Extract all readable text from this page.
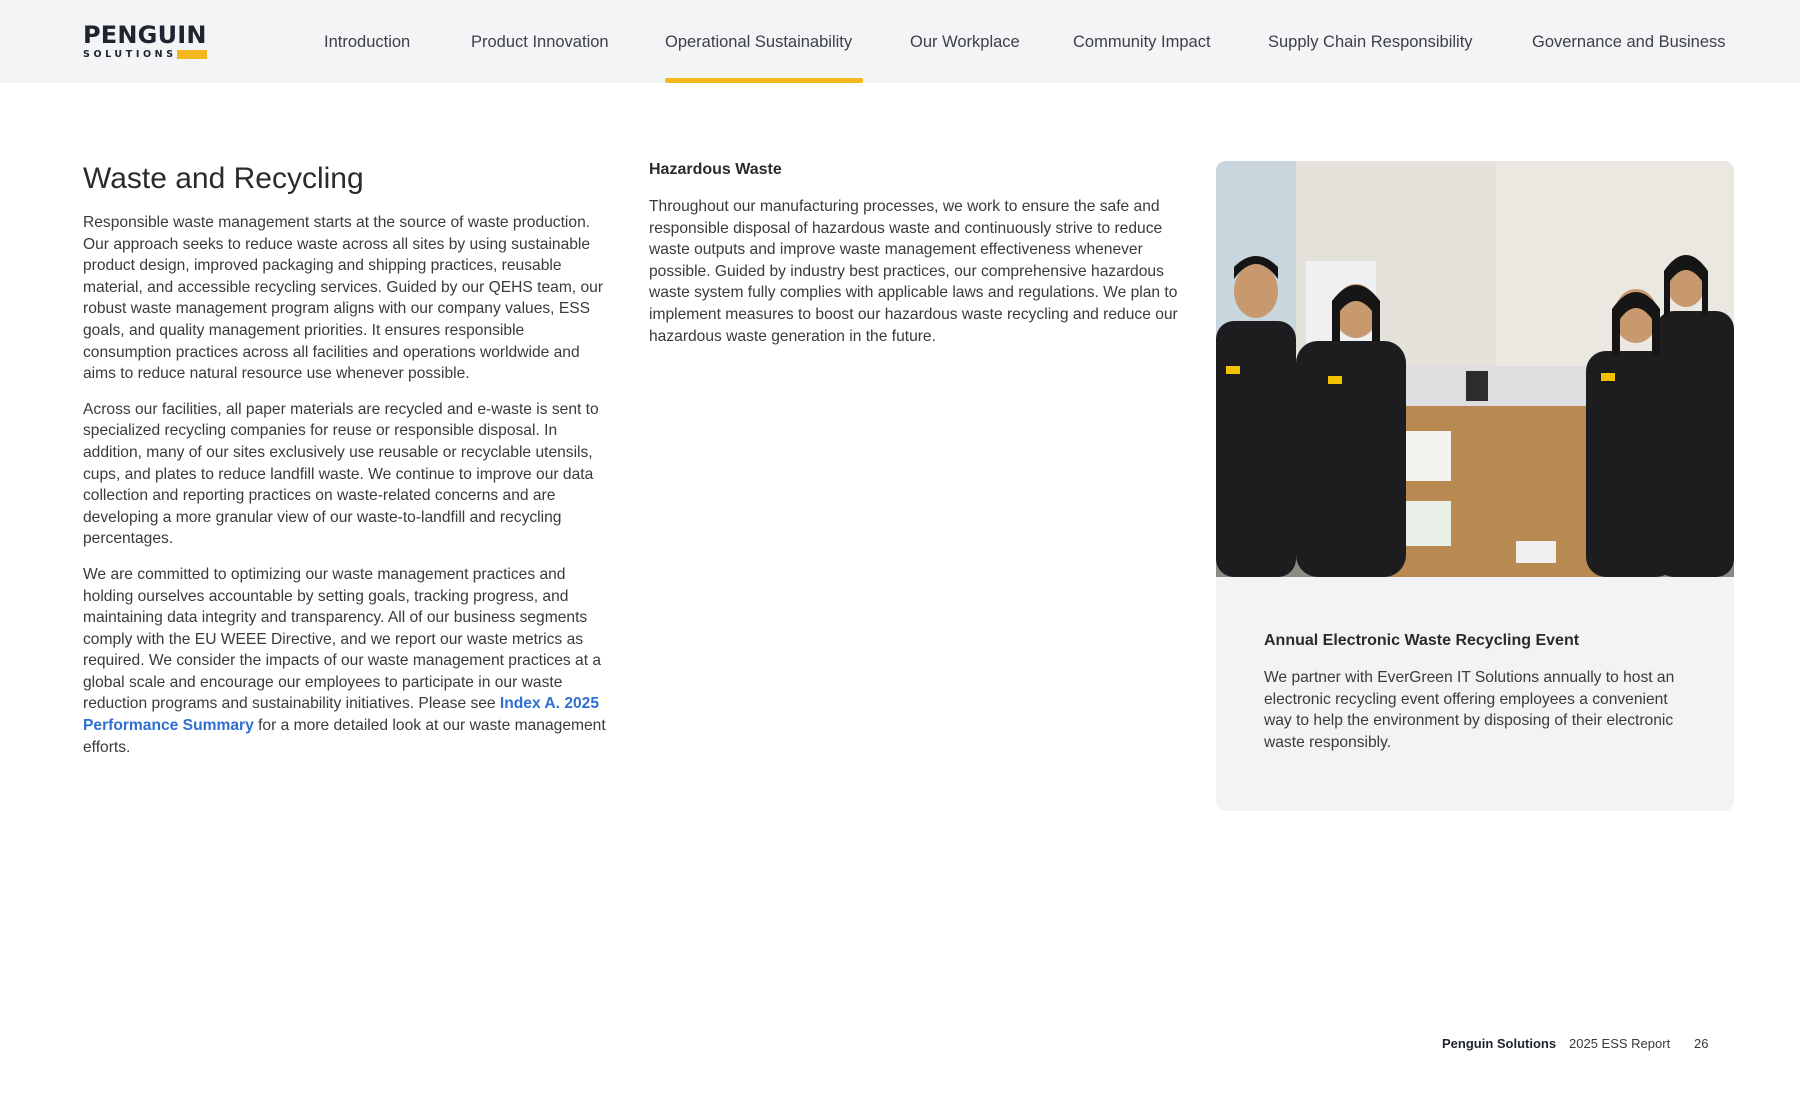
PENGUIN
SOLUTIONS
Introduction	Product Innovation	Operational Sustainability	Our Workplace	Community Impact	Supply Chain Responsibility	Governance and Business
Waste and Recycling

Responsible waste management starts at the source of waste production. Our approach seeks to reduce waste across all sites by using sustainable product design, improved packaging and shipping practices, reusable material, and accessible recycling services. Guided by our QEHS team, our robust waste management program aligns with our company values, ESS goals, and quality management priorities. It ensures responsible consumption practices across all facilities and operations worldwide and aims to reduce natural resource use whenever possible.

Across our facilities, all paper materials are recycled and e-waste is sent to specialized recycling companies for reuse or responsible disposal. In addition, many of our sites exclusively use reusable or recyclable utensils, cups, and plates to reduce landfill waste. We continue to improve our data collection and reporting practices on waste-related concerns and are developing a more granular view of our waste-to-landfill and recycling percentages.

We are committed to optimizing our waste management practices and holding ourselves accountable by setting goals, tracking progress, and maintaining data integrity and transparency. All of our business segments comply with the EU WEEE Directive, and we report our waste metrics as required. We consider the impacts of our waste management practices at a global scale and encourage our employees to participate in our waste reduction programs and sustainability initiatives. Please see Index A. 2025 Performance Summary for a more detailed look at our waste management efforts.

Hazardous Waste

Throughout our manufacturing processes, we work to ensure the safe and responsible disposal of hazardous waste and continuously strive to reduce waste outputs and improve waste management effectiveness whenever possible. Guided by industry best practices, our comprehensive hazardous waste system fully complies with applicable laws and regulations. We plan to implement measures to boost our hazardous waste recycling and reduce our hazardous waste generation in the future.

Annual Electronic Waste Recycling Event

We partner with EverGreen IT Solutions annually to host an electronic recycling event offering employees a convenient way to help the environment by disposing of their electronic waste responsibly.

Penguin Solutions 2025 ESS Report 26
